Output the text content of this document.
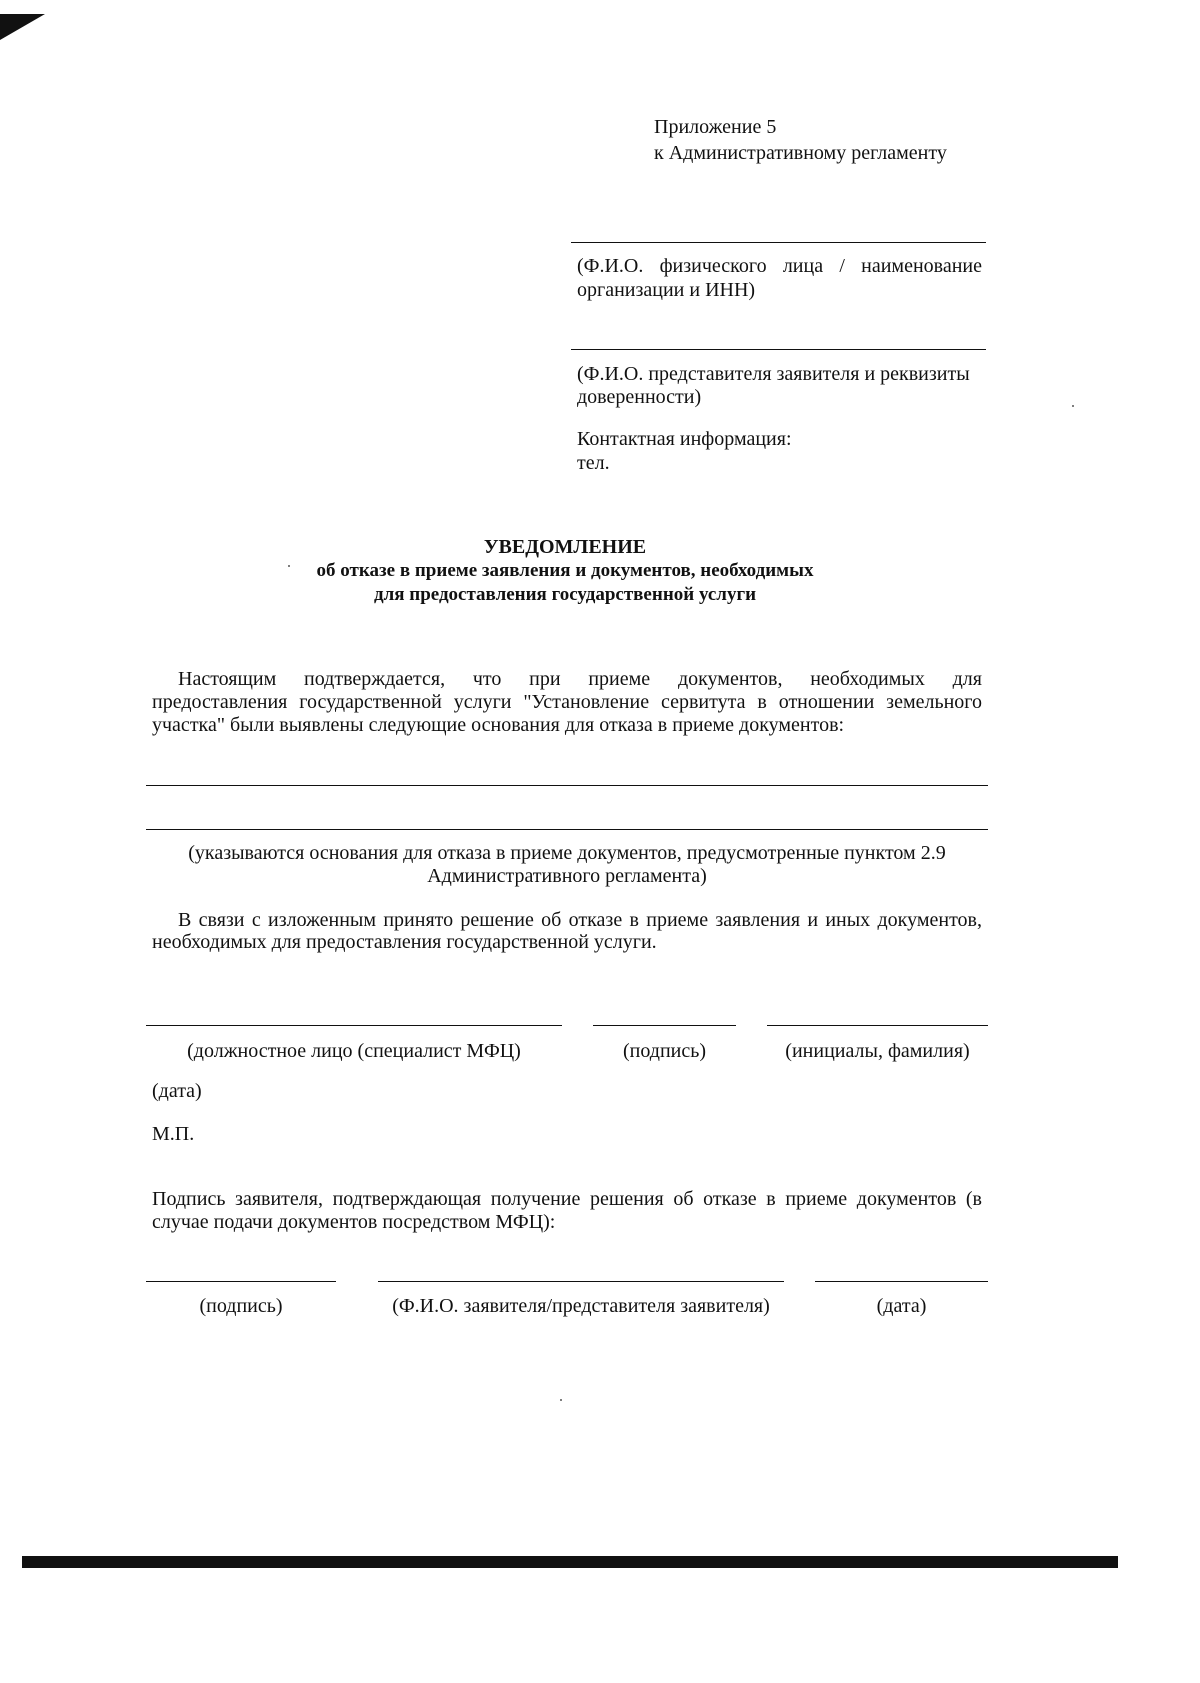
Приложение 5

к Административному регламенту

(Ф.И.О. физического лица / наименование

организации и ИНН)

(Ф.И.О. представителя заявителя и реквизиты

доверенности)

Контактная информация:

тел.

УВЕДОМЛЕНИЕ

об отказе в приеме заявления и документов, необходимых

для предоставления государственной услуги

Настоящим подтверждается, что при приеме документов, необходимых для

предоставления государственной услуги "Установление сервитута в отношении земельного

участка" были выявлены следующие основания для отказа в приеме документов:

(указываются основания для отказа в приеме документов, предусмотренные пунктом 2.9

Административного регламента)

В связи с изложенным принято решение об отказе в приеме заявления и иных документов,

необходимых для предоставления государственной услуги.

(должностное лицо (специалист МФЦ)	(подпись)	(инициалы, фамилия)

(дата)

М.П.

Подпись заявителя, подтверждающая получение решения об отказе в приеме документов (в

случае подачи документов посредством МФЦ):

(подпись)	(Ф.И.О. заявителя/представителя заявителя)	(дата)
